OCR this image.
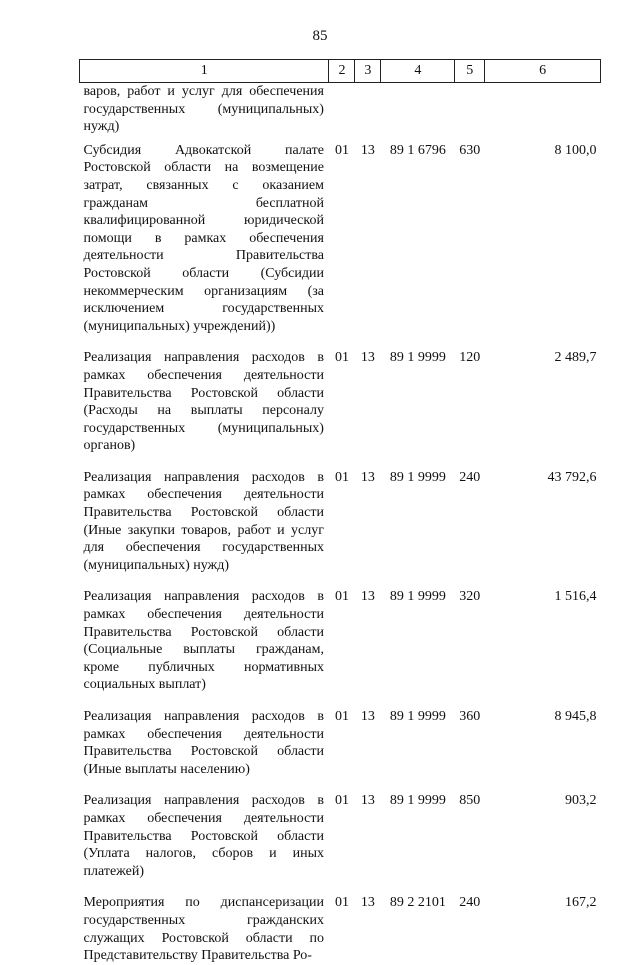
85
1	2	3	4	5	6
варов, работ и услуг для обеспечения государственных (муниципальных) нужд)					
Субсидия Адвокатской палате Ростовской области на возмещение затрат, связанных с оказанием гражданам бесплатной квалифицированной юридической помощи в рамках обеспечения деятельности Правительства Ростовской области (Субсидии некоммерческим организациям (за исключением государственных (муниципальных) учреждений))	01	13	89 1 6796	630	8 100,0
Реализация направления расходов в рамках обеспечения деятельности Правительства Ростовской области (Расходы на выплаты персоналу государственных (муниципальных) органов)	01	13	89 1 9999	120	2 489,7
Реализация направления расходов в рамках обеспечения деятельности Правительства Ростовской области (Иные закупки товаров, работ и услуг для обеспечения государственных (муниципальных) нужд)	01	13	89 1 9999	240	43 792,6
Реализация направления расходов в рамках обеспечения деятельности Правительства Ростовской области (Социальные выплаты гражданам, кроме публичных нормативных социальных выплат)	01	13	89 1 9999	320	1 516,4
Реализация направления расходов в рамках обеспечения деятельности Правительства Ростовской области (Иные выплаты населению)	01	13	89 1 9999	360	8 945,8
Реализация направления расходов в рамках обеспечения деятельности Правительства Ростовской области (Уплата налогов, сборов и иных платежей)	01	13	89 1 9999	850	903,2
Мероприятия по диспансеризации государственных гражданских служащих Ростовской области по Представительству Правительства Ро-	01	13	89 2 2101	240	167,2
